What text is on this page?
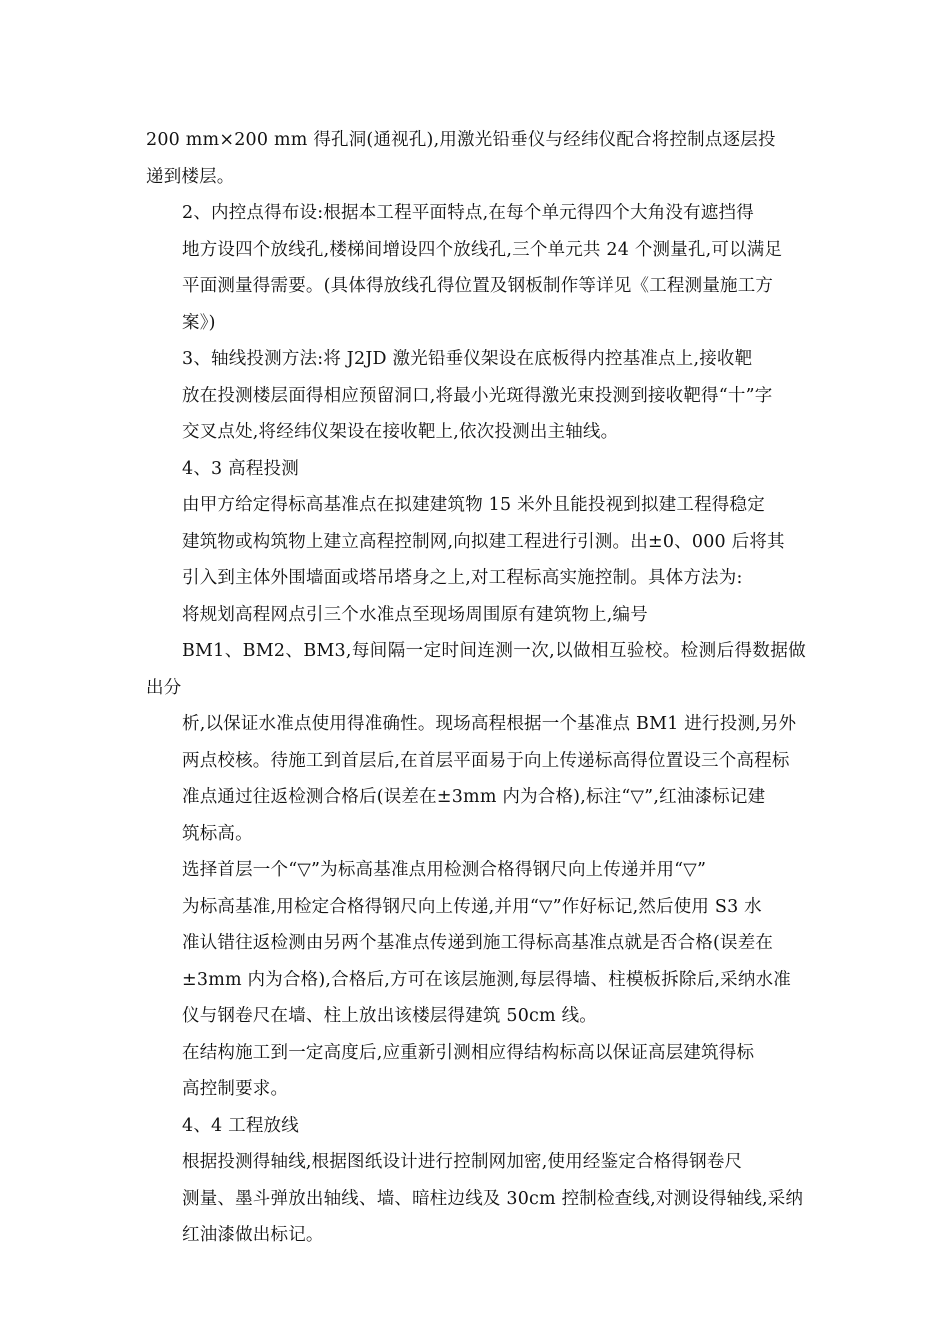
200 mm×200 mm 得孔洞(通视孔),用激光铅垂仪与经纬仪配合将控制点逐层投
递到楼层。

2、内控点得布设:根据本工程平面特点,在每个单元得四个大角没有遮挡得
地方设四个放线孔,楼梯间增设四个放线孔,三个单元共 24 个测量孔,可以满足
平面测量得需要。(具体得放线孔得位置及钢板制作等详见《工程测量施工方
案》)

3、轴线投测方法:将 J2JD 激光铅垂仪架设在底板得内控基准点上,接收靶
放在投测楼层面得相应预留洞口,将最小光斑得激光束投测到接收靶得“十”字
交叉点处,将经纬仪架设在接收靶上,依次投测出主轴线。

4、3 高程投测

由甲方给定得标高基准点在拟建建筑物 15 米外且能投视到拟建工程得稳定
建筑物或构筑物上建立高程控制网,向拟建工程进行引测。出±0、000 后将其
引入到主体外围墙面或塔吊塔身之上,对工程标高实施控制。具体方法为:

将规划高程网点引三个水准点至现场周围原有建筑物上,编号
BM1、BM2、BM3,每间隔一定时间连测一次,以做相互验校。检测后得数据做出分
析,以保证水准点使用得准确性。现场高程根据一个基准点 BM1 进行投测,另外
两点校核。待施工到首层后,在首层平面易于向上传递标高得位置设三个高程标
准点通过往返检测合格后(误差在±3mm 内为合格),标注“▽”,红油漆标记建
筑标高。

选择首层一个“▽”为标高基准点用检测合格得钢尺向上传递并用“▽”
为标高基准,用检定合格得钢尺向上传递,并用“▽”作好标记,然后使用 S3 水
准认错往返检测由另两个基准点传递到施工得标高基准点就是否合格(误差在
±3mm 内为合格),合格后,方可在该层施测,每层得墙、柱模板拆除后,采纳水准
仪与钢卷尺在墙、柱上放出该楼层得建筑 50cm 线。

在结构施工到一定高度后,应重新引测相应得结构标高以保证高层建筑得标
高控制要求。

4、4 工程放线

根据投测得轴线,根据图纸设计进行控制网加密,使用经鉴定合格得钢卷尺
测量、墨斗弹放出轴线、墙、暗柱边线及 30cm 控制检查线,对测设得轴线,采纳
红油漆做出标记。
